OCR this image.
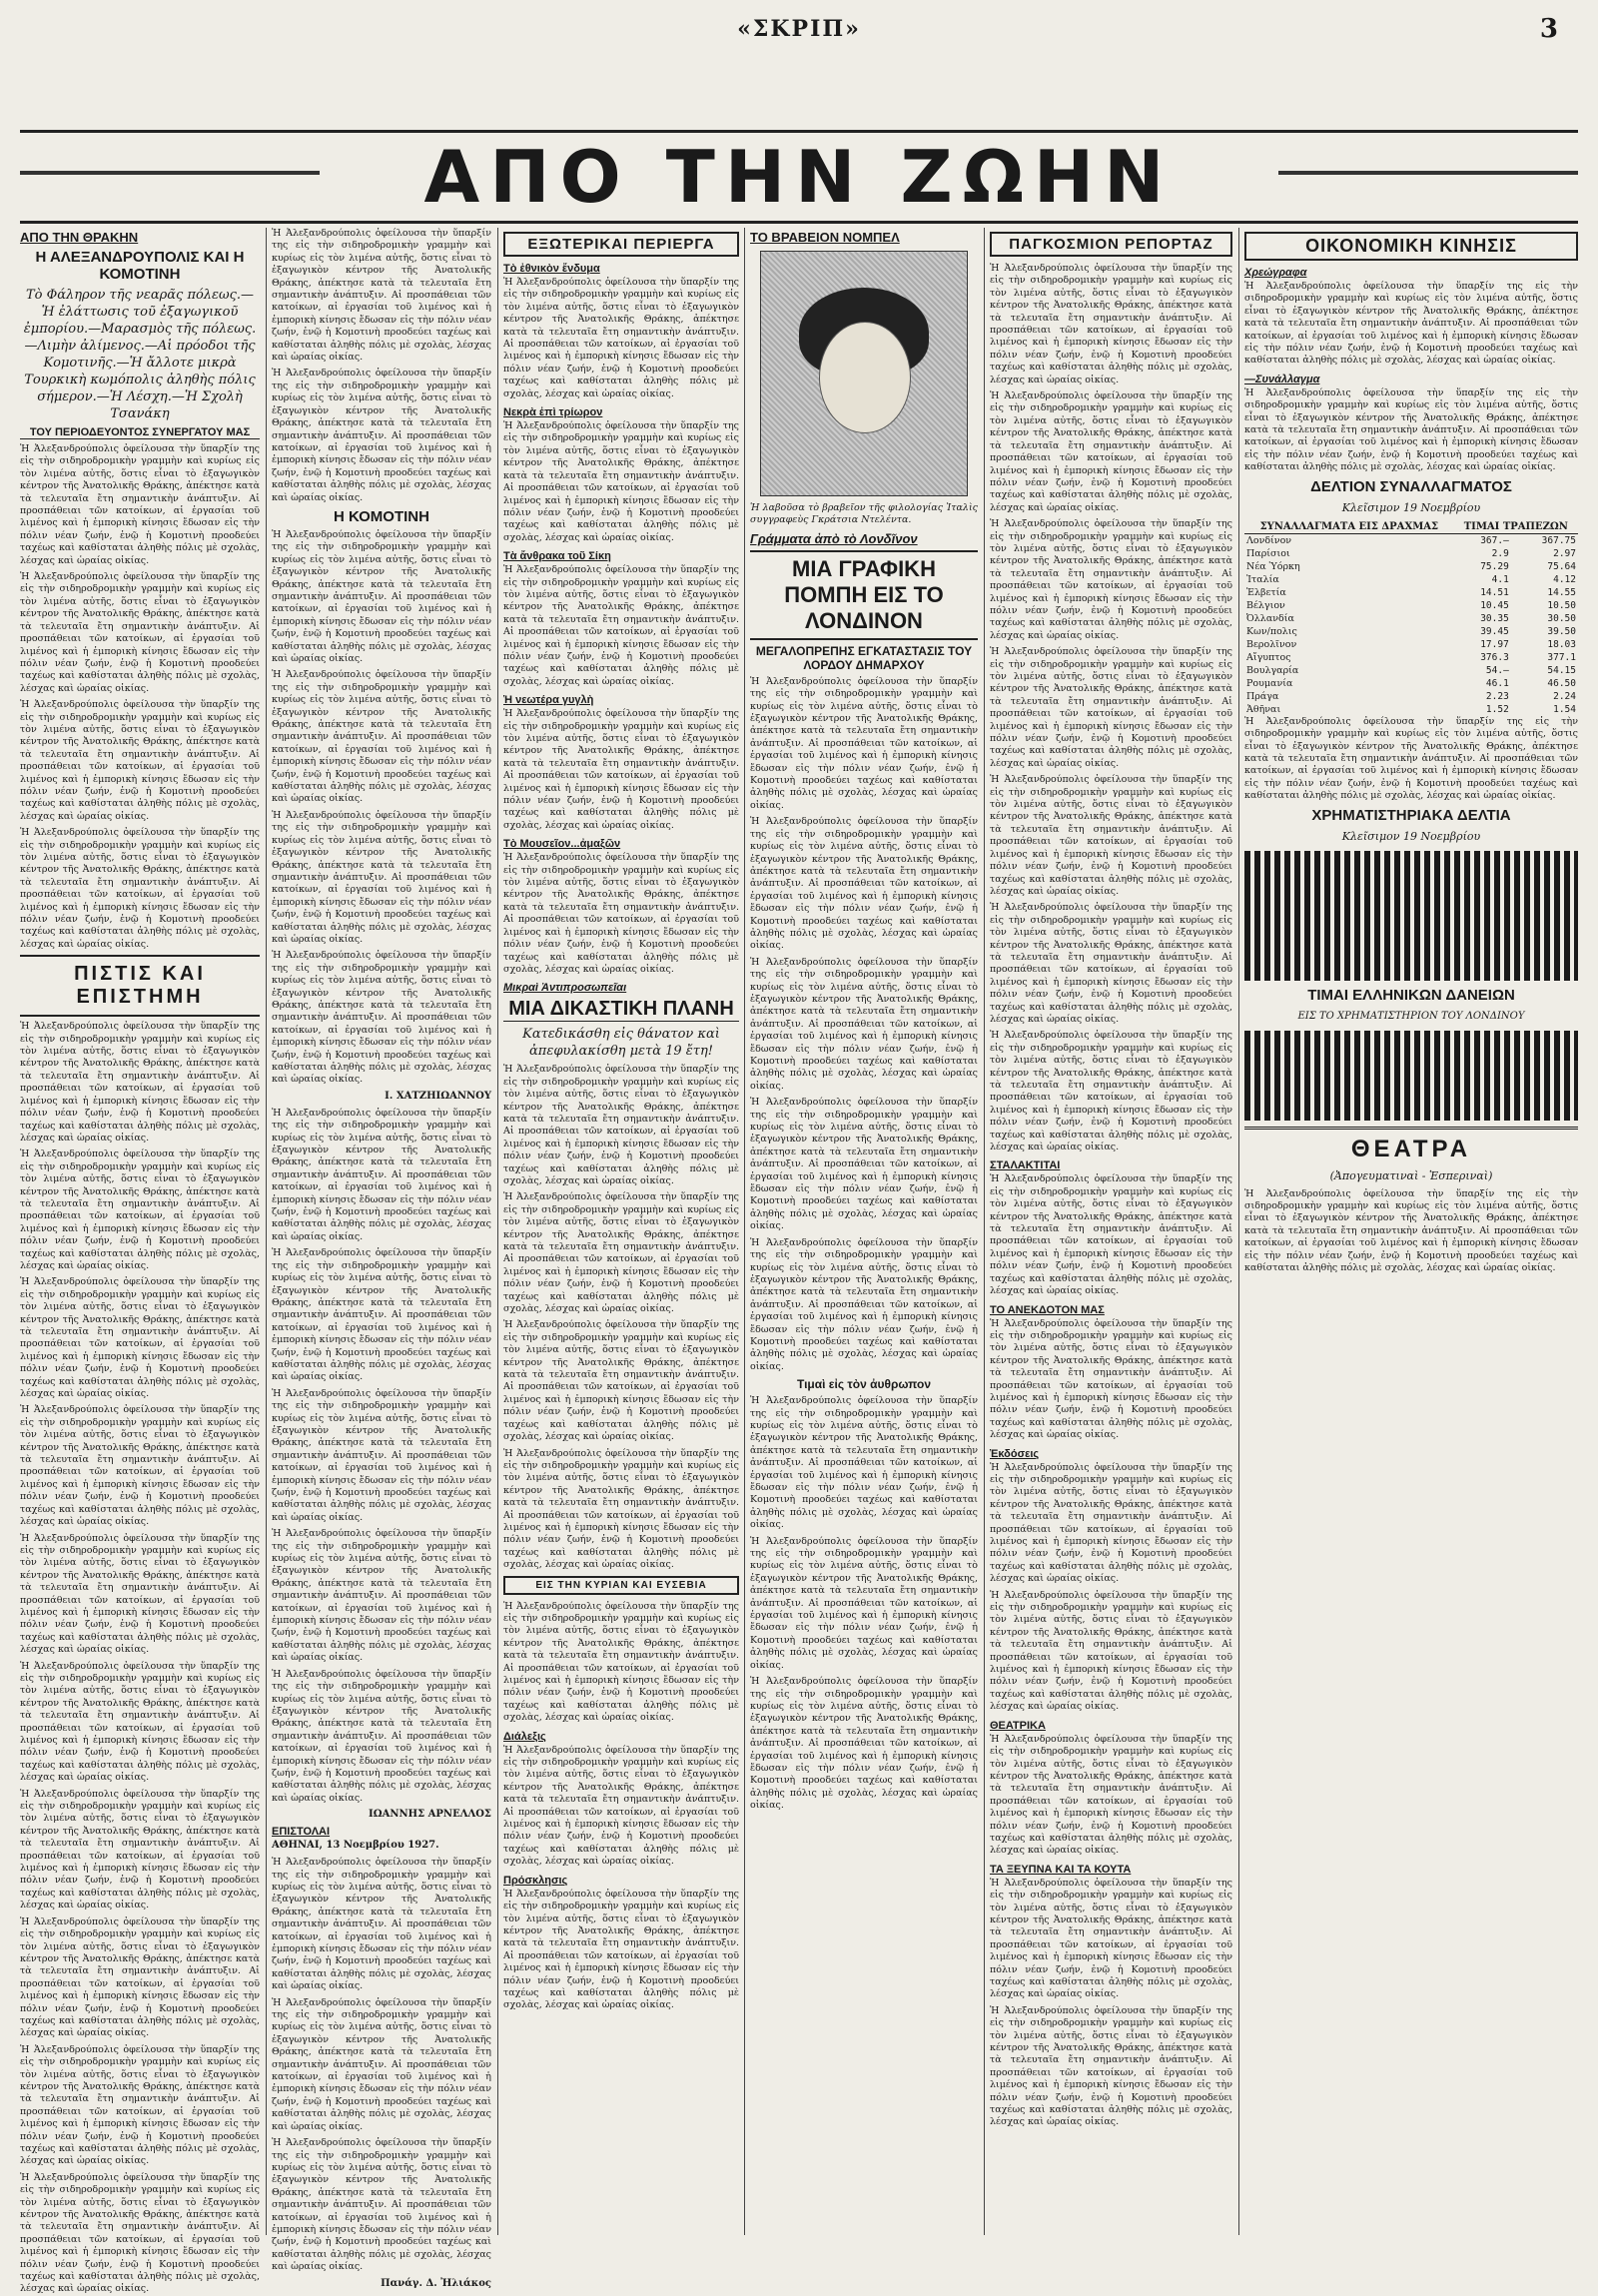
«ΣΚΡΙΠ»	3
ΑΠΟ ΤΗΝ ΖΩΗΝ
ΑΠΟ ΤΗΝ ΘΡΑΚΗΝ
Η ΑΛΕΞΑΝΔΡΟΥΠΟΛΙΣ ΚΑΙ Η ΚΟΜΟΤΙΝΗ
Τὸ Φάληρον τῆς νεαρᾶς πόλεως.—Ἡ ἐλάττωσις τοῦ ἐξαγωγικοῦ ἐμπορίου.—Μαρασμὸς τῆς πόλεως.—Λιμὴν ἀλίμενος.—Αἱ πρόοδοι τῆς Κομοτινῆς.—Ἡ ἄλλοτε μικρὰ Τουρκικὴ κωμόπολις ἀληθὴς πόλις σήμερον.—Ἡ Λέσχη.—Ἡ Σχολὴ Τσανάκη
ΤΟΥ ΠΕΡΙΟΔΕΥΟΝΤΟΣ ΣΥΝΕΡΓΑΤΟΥ ΜΑΣ

Ἡ Ἀλεξανδρούπολις ὀφείλουσα τὴν ὕπαρξίν της εἰς τὴν σιδηροδρομικὴν γραμμὴν καὶ κυρίως εἰς τὸν λιμένα αὐτῆς, ὅστις εἶναι τὸ ἐξαγωγικὸν κέντρον τῆς Ἀνατολικῆς Θράκης, ἀπέκτησε κατὰ τὰ τελευταῖα ἔτη σημαντικὴν ἀνάπτυξιν. Αἱ προσπάθειαι τῶν κατοίκων, αἱ ἐργασίαι τοῦ λιμένος καὶ ἡ ἐμπορικὴ κίνησις ἔδωσαν εἰς τὴν πόλιν νέαν ζωήν, ἐνῷ ἡ Κομοτινὴ προοδεύει ταχέως καὶ καθίσταται ἀληθὴς πόλις μὲ σχολὰς, λέσχας καὶ ὡραίας οἰκίας.

Ἡ Ἀλεξανδρούπολις ὀφείλουσα τὴν ὕπαρξίν της εἰς τὴν σιδηροδρομικὴν γραμμὴν καὶ κυρίως εἰς τὸν λιμένα αὐτῆς, ὅστις εἶναι τὸ ἐξαγωγικὸν κέντρον τῆς Ἀνατολικῆς Θράκης, ἀπέκτησε κατὰ τὰ τελευταῖα ἔτη σημαντικὴν ἀνάπτυξιν. Αἱ προσπάθειαι τῶν κατοίκων, αἱ ἐργασίαι τοῦ λιμένος καὶ ἡ ἐμπορικὴ κίνησις ἔδωσαν εἰς τὴν πόλιν νέαν ζωήν, ἐνῷ ἡ Κομοτινὴ προοδεύει ταχέως καὶ καθίσταται ἀληθὴς πόλις μὲ σχολὰς, λέσχας καὶ ὡραίας οἰκίας.

Ἡ Ἀλεξανδρούπολις ὀφείλουσα τὴν ὕπαρξίν της εἰς τὴν σιδηροδρομικὴν γραμμὴν καὶ κυρίως εἰς τὸν λιμένα αὐτῆς, ὅστις εἶναι τὸ ἐξαγωγικὸν κέντρον τῆς Ἀνατολικῆς Θράκης, ἀπέκτησε κατὰ τὰ τελευταῖα ἔτη σημαντικὴν ἀνάπτυξιν. Αἱ προσπάθειαι τῶν κατοίκων, αἱ ἐργασίαι τοῦ λιμένος καὶ ἡ ἐμπορικὴ κίνησις ἔδωσαν εἰς τὴν πόλιν νέαν ζωήν, ἐνῷ ἡ Κομοτινὴ προοδεύει ταχέως καὶ καθίσταται ἀληθὴς πόλις μὲ σχολὰς, λέσχας καὶ ὡραίας οἰκίας.

Ἡ Ἀλεξανδρούπολις ὀφείλουσα τὴν ὕπαρξίν της εἰς τὴν σιδηροδρομικὴν γραμμὴν καὶ κυρίως εἰς τὸν λιμένα αὐτῆς, ὅστις εἶναι τὸ ἐξαγωγικὸν κέντρον τῆς Ἀνατολικῆς Θράκης, ἀπέκτησε κατὰ τὰ τελευταῖα ἔτη σημαντικὴν ἀνάπτυξιν. Αἱ προσπάθειαι τῶν κατοίκων, αἱ ἐργασίαι τοῦ λιμένος καὶ ἡ ἐμπορικὴ κίνησις ἔδωσαν εἰς τὴν πόλιν νέαν ζωήν, ἐνῷ ἡ Κομοτινὴ προοδεύει ταχέως καὶ καθίσταται ἀληθὴς πόλις μὲ σχολὰς, λέσχας καὶ ὡραίας οἰκίας.

ΠΙΣΤΙΣ ΚΑΙ ΕΠΙΣΤΗΜΗ

Ἡ Ἀλεξανδρούπολις ὀφείλουσα τὴν ὕπαρξίν της εἰς τὴν σιδηροδρομικὴν γραμμὴν καὶ κυρίως εἰς τὸν λιμένα αὐτῆς, ὅστις εἶναι τὸ ἐξαγωγικὸν κέντρον τῆς Ἀνατολικῆς Θράκης, ἀπέκτησε κατὰ τὰ τελευταῖα ἔτη σημαντικὴν ἀνάπτυξιν. Αἱ προσπάθειαι τῶν κατοίκων, αἱ ἐργασίαι τοῦ λιμένος καὶ ἡ ἐμπορικὴ κίνησις ἔδωσαν εἰς τὴν πόλιν νέαν ζωήν, ἐνῷ ἡ Κομοτινὴ προοδεύει ταχέως καὶ καθίσταται ἀληθὴς πόλις μὲ σχολὰς, λέσχας καὶ ὡραίας οἰκίας.

Ἡ Ἀλεξανδρούπολις ὀφείλουσα τὴν ὕπαρξίν της εἰς τὴν σιδηροδρομικὴν γραμμὴν καὶ κυρίως εἰς τὸν λιμένα αὐτῆς, ὅστις εἶναι τὸ ἐξαγωγικὸν κέντρον τῆς Ἀνατολικῆς Θράκης, ἀπέκτησε κατὰ τὰ τελευταῖα ἔτη σημαντικὴν ἀνάπτυξιν. Αἱ προσπάθειαι τῶν κατοίκων, αἱ ἐργασίαι τοῦ λιμένος καὶ ἡ ἐμπορικὴ κίνησις ἔδωσαν εἰς τὴν πόλιν νέαν ζωήν, ἐνῷ ἡ Κομοτινὴ προοδεύει ταχέως καὶ καθίσταται ἀληθὴς πόλις μὲ σχολὰς, λέσχας καὶ ὡραίας οἰκίας.

Ἡ Ἀλεξανδρούπολις ὀφείλουσα τὴν ὕπαρξίν της εἰς τὴν σιδηροδρομικὴν γραμμὴν καὶ κυρίως εἰς τὸν λιμένα αὐτῆς, ὅστις εἶναι τὸ ἐξαγωγικὸν κέντρον τῆς Ἀνατολικῆς Θράκης, ἀπέκτησε κατὰ τὰ τελευταῖα ἔτη σημαντικὴν ἀνάπτυξιν. Αἱ προσπάθειαι τῶν κατοίκων, αἱ ἐργασίαι τοῦ λιμένος καὶ ἡ ἐμπορικὴ κίνησις ἔδωσαν εἰς τὴν πόλιν νέαν ζωήν, ἐνῷ ἡ Κομοτινὴ προοδεύει ταχέως καὶ καθίσταται ἀληθὴς πόλις μὲ σχολὰς, λέσχας καὶ ὡραίας οἰκίας.

Ἡ Ἀλεξανδρούπολις ὀφείλουσα τὴν ὕπαρξίν της εἰς τὴν σιδηροδρομικὴν γραμμὴν καὶ κυρίως εἰς τὸν λιμένα αὐτῆς, ὅστις εἶναι τὸ ἐξαγωγικὸν κέντρον τῆς Ἀνατολικῆς Θράκης, ἀπέκτησε κατὰ τὰ τελευταῖα ἔτη σημαντικὴν ἀνάπτυξιν. Αἱ προσπάθειαι τῶν κατοίκων, αἱ ἐργασίαι τοῦ λιμένος καὶ ἡ ἐμπορικὴ κίνησις ἔδωσαν εἰς τὴν πόλιν νέαν ζωήν, ἐνῷ ἡ Κομοτινὴ προοδεύει ταχέως καὶ καθίσταται ἀληθὴς πόλις μὲ σχολὰς, λέσχας καὶ ὡραίας οἰκίας.

Ἡ Ἀλεξανδρούπολις ὀφείλουσα τὴν ὕπαρξίν της εἰς τὴν σιδηροδρομικὴν γραμμὴν καὶ κυρίως εἰς τὸν λιμένα αὐτῆς, ὅστις εἶναι τὸ ἐξαγωγικὸν κέντρον τῆς Ἀνατολικῆς Θράκης, ἀπέκτησε κατὰ τὰ τελευταῖα ἔτη σημαντικὴν ἀνάπτυξιν. Αἱ προσπάθειαι τῶν κατοίκων, αἱ ἐργασίαι τοῦ λιμένος καὶ ἡ ἐμπορικὴ κίνησις ἔδωσαν εἰς τὴν πόλιν νέαν ζωήν, ἐνῷ ἡ Κομοτινὴ προοδεύει ταχέως καὶ καθίσταται ἀληθὴς πόλις μὲ σχολὰς, λέσχας καὶ ὡραίας οἰκίας.

Ἡ Ἀλεξανδρούπολις ὀφείλουσα τὴν ὕπαρξίν της εἰς τὴν σιδηροδρομικὴν γραμμὴν καὶ κυρίως εἰς τὸν λιμένα αὐτῆς, ὅστις εἶναι τὸ ἐξαγωγικὸν κέντρον τῆς Ἀνατολικῆς Θράκης, ἀπέκτησε κατὰ τὰ τελευταῖα ἔτη σημαντικὴν ἀνάπτυξιν. Αἱ προσπάθειαι τῶν κατοίκων, αἱ ἐργασίαι τοῦ λιμένος καὶ ἡ ἐμπορικὴ κίνησις ἔδωσαν εἰς τὴν πόλιν νέαν ζωήν, ἐνῷ ἡ Κομοτινὴ προοδεύει ταχέως καὶ καθίσταται ἀληθὴς πόλις μὲ σχολὰς, λέσχας καὶ ὡραίας οἰκίας.

Ἡ Ἀλεξανδρούπολις ὀφείλουσα τὴν ὕπαρξίν της εἰς τὴν σιδηροδρομικὴν γραμμὴν καὶ κυρίως εἰς τὸν λιμένα αὐτῆς, ὅστις εἶναι τὸ ἐξαγωγικὸν κέντρον τῆς Ἀνατολικῆς Θράκης, ἀπέκτησε κατὰ τὰ τελευταῖα ἔτη σημαντικὴν ἀνάπτυξιν. Αἱ προσπάθειαι τῶν κατοίκων, αἱ ἐργασίαι τοῦ λιμένος καὶ ἡ ἐμπορικὴ κίνησις ἔδωσαν εἰς τὴν πόλιν νέαν ζωήν, ἐνῷ ἡ Κομοτινὴ προοδεύει ταχέως καὶ καθίσταται ἀληθὴς πόλις μὲ σχολὰς, λέσχας καὶ ὡραίας οἰκίας.

Ἡ Ἀλεξανδρούπολις ὀφείλουσα τὴν ὕπαρξίν της εἰς τὴν σιδηροδρομικὴν γραμμὴν καὶ κυρίως εἰς τὸν λιμένα αὐτῆς, ὅστις εἶναι τὸ ἐξαγωγικὸν κέντρον τῆς Ἀνατολικῆς Θράκης, ἀπέκτησε κατὰ τὰ τελευταῖα ἔτη σημαντικὴν ἀνάπτυξιν. Αἱ προσπάθειαι τῶν κατοίκων, αἱ ἐργασίαι τοῦ λιμένος καὶ ἡ ἐμπορικὴ κίνησις ἔδωσαν εἰς τὴν πόλιν νέαν ζωήν, ἐνῷ ἡ Κομοτινὴ προοδεύει ταχέως καὶ καθίσταται ἀληθὴς πόλις μὲ σχολὰς, λέσχας καὶ ὡραίας οἰκίας.

Ἡ Ἀλεξανδρούπολις ὀφείλουσα τὴν ὕπαρξίν της εἰς τὴν σιδηροδρομικὴν γραμμὴν καὶ κυρίως εἰς τὸν λιμένα αὐτῆς, ὅστις εἶναι τὸ ἐξαγωγικὸν κέντρον τῆς Ἀνατολικῆς Θράκης, ἀπέκτησε κατὰ τὰ τελευταῖα ἔτη σημαντικὴν ἀνάπτυξιν. Αἱ προσπάθειαι τῶν κατοίκων, αἱ ἐργασίαι τοῦ λιμένος καὶ ἡ ἐμπορικὴ κίνησις ἔδωσαν εἰς τὴν πόλιν νέαν ζωήν, ἐνῷ ἡ Κομοτινὴ προοδεύει ταχέως καὶ καθίσταται ἀληθὴς πόλις μὲ σχολὰς, λέσχας καὶ ὡραίας οἰκίας.

Ἡ Ἀλεξανδρούπολις ὀφείλουσα τὴν ὕπαρξίν της εἰς τὴν σιδηροδρομικὴν γραμμὴν καὶ κυρίως εἰς τὸν λιμένα αὐτῆς, ὅστις εἶναι τὸ ἐξαγωγικὸν κέντρον τῆς Ἀνατολικῆς Θράκης, ἀπέκτησε κατὰ τὰ τελευταῖα ἔτη σημαντικὴν ἀνάπτυξιν. Αἱ προσπάθειαι τῶν κατοίκων, αἱ ἐργασίαι τοῦ λιμένος καὶ ἡ ἐμπορικὴ κίνησις ἔδωσαν εἰς τὴν πόλιν νέαν ζωήν, ἐνῷ ἡ Κομοτινὴ προοδεύει ταχέως καὶ καθίσταται ἀληθὴς πόλις μὲ σχολὰς, λέσχας καὶ ὡραίας οἰκίας.

Ἡ Ἀλεξανδρούπολις ὀφείλουσα τὴν ὕπαρξίν της εἰς τὴν σιδηροδρομικὴν γραμμὴν καὶ κυρίως εἰς τὸν λιμένα αὐτῆς, ὅστις εἶναι τὸ ἐξαγωγικὸν κέντρον τῆς Ἀνατολικῆς Θράκης, ἀπέκτησε κατὰ τὰ τελευταῖα ἔτη σημαντικὴν ἀνάπτυξιν. Αἱ προσπάθειαι τῶν κατοίκων, αἱ ἐργασίαι τοῦ λιμένος καὶ ἡ ἐμπορικὴ κίνησις ἔδωσαν εἰς τὴν πόλιν νέαν ζωήν, ἐνῷ ἡ Κομοτινὴ προοδεύει ταχέως καὶ καθίσταται ἀληθὴς πόλις μὲ σχολὰς, λέσχας καὶ ὡραίας οἰκίας.

Ἡ Ἀλεξανδρούπολις ὀφείλουσα τὴν ὕπαρξίν της εἰς τὴν σιδηροδρομικὴν γραμμὴν καὶ κυρίως εἰς τὸν λιμένα αὐτῆς, ὅστις εἶναι τὸ ἐξαγωγικὸν κέντρον τῆς Ἀνατολικῆς Θράκης, ἀπέκτησε κατὰ τὰ τελευταῖα ἔτη σημαντικὴν ἀνάπτυξιν. Αἱ προσπάθειαι τῶν κατοίκων, αἱ ἐργασίαι τοῦ λιμένος καὶ ἡ ἐμπορικὴ κίνησις ἔδωσαν εἰς τὴν πόλιν νέαν ζωήν, ἐνῷ ἡ Κομοτινὴ προοδεύει ταχέως καὶ καθίσταται ἀληθὴς πόλις μὲ σχολὰς, λέσχας καὶ ὡραίας οἰκίας.

Η ΚΟΜΟΤΙΝΗ

Ἡ Ἀλεξανδρούπολις ὀφείλουσα τὴν ὕπαρξίν της εἰς τὴν σιδηροδρομικὴν γραμμὴν καὶ κυρίως εἰς τὸν λιμένα αὐτῆς, ὅστις εἶναι τὸ ἐξαγωγικὸν κέντρον τῆς Ἀνατολικῆς Θράκης, ἀπέκτησε κατὰ τὰ τελευταῖα ἔτη σημαντικὴν ἀνάπτυξιν. Αἱ προσπάθειαι τῶν κατοίκων, αἱ ἐργασίαι τοῦ λιμένος καὶ ἡ ἐμπορικὴ κίνησις ἔδωσαν εἰς τὴν πόλιν νέαν ζωήν, ἐνῷ ἡ Κομοτινὴ προοδεύει ταχέως καὶ καθίσταται ἀληθὴς πόλις μὲ σχολὰς, λέσχας καὶ ὡραίας οἰκίας.

Ἡ Ἀλεξανδρούπολις ὀφείλουσα τὴν ὕπαρξίν της εἰς τὴν σιδηροδρομικὴν γραμμὴν καὶ κυρίως εἰς τὸν λιμένα αὐτῆς, ὅστις εἶναι τὸ ἐξαγωγικὸν κέντρον τῆς Ἀνατολικῆς Θράκης, ἀπέκτησε κατὰ τὰ τελευταῖα ἔτη σημαντικὴν ἀνάπτυξιν. Αἱ προσπάθειαι τῶν κατοίκων, αἱ ἐργασίαι τοῦ λιμένος καὶ ἡ ἐμπορικὴ κίνησις ἔδωσαν εἰς τὴν πόλιν νέαν ζωήν, ἐνῷ ἡ Κομοτινὴ προοδεύει ταχέως καὶ καθίσταται ἀληθὴς πόλις μὲ σχολὰς, λέσχας καὶ ὡραίας οἰκίας.

Ἡ Ἀλεξανδρούπολις ὀφείλουσα τὴν ὕπαρξίν της εἰς τὴν σιδηροδρομικὴν γραμμὴν καὶ κυρίως εἰς τὸν λιμένα αὐτῆς, ὅστις εἶναι τὸ ἐξαγωγικὸν κέντρον τῆς Ἀνατολικῆς Θράκης, ἀπέκτησε κατὰ τὰ τελευταῖα ἔτη σημαντικὴν ἀνάπτυξιν. Αἱ προσπάθειαι τῶν κατοίκων, αἱ ἐργασίαι τοῦ λιμένος καὶ ἡ ἐμπορικὴ κίνησις ἔδωσαν εἰς τὴν πόλιν νέαν ζωήν, ἐνῷ ἡ Κομοτινὴ προοδεύει ταχέως καὶ καθίσταται ἀληθὴς πόλις μὲ σχολὰς, λέσχας καὶ ὡραίας οἰκίας.

Ἡ Ἀλεξανδρούπολις ὀφείλουσα τὴν ὕπαρξίν της εἰς τὴν σιδηροδρομικὴν γραμμὴν καὶ κυρίως εἰς τὸν λιμένα αὐτῆς, ὅστις εἶναι τὸ ἐξαγωγικὸν κέντρον τῆς Ἀνατολικῆς Θράκης, ἀπέκτησε κατὰ τὰ τελευταῖα ἔτη σημαντικὴν ἀνάπτυξιν. Αἱ προσπάθειαι τῶν κατοίκων, αἱ ἐργασίαι τοῦ λιμένος καὶ ἡ ἐμπορικὴ κίνησις ἔδωσαν εἰς τὴν πόλιν νέαν ζωήν, ἐνῷ ἡ Κομοτινὴ προοδεύει ταχέως καὶ καθίσταται ἀληθὴς πόλις μὲ σχολὰς, λέσχας καὶ ὡραίας οἰκίας.

Ι. ΧΑΤΖΗΙΩΑΝΝΟΥ

Ἡ Ἀλεξανδρούπολις ὀφείλουσα τὴν ὕπαρξίν της εἰς τὴν σιδηροδρομικὴν γραμμὴν καὶ κυρίως εἰς τὸν λιμένα αὐτῆς, ὅστις εἶναι τὸ ἐξαγωγικὸν κέντρον τῆς Ἀνατολικῆς Θράκης, ἀπέκτησε κατὰ τὰ τελευταῖα ἔτη σημαντικὴν ἀνάπτυξιν. Αἱ προσπάθειαι τῶν κατοίκων, αἱ ἐργασίαι τοῦ λιμένος καὶ ἡ ἐμπορικὴ κίνησις ἔδωσαν εἰς τὴν πόλιν νέαν ζωήν, ἐνῷ ἡ Κομοτινὴ προοδεύει ταχέως καὶ καθίσταται ἀληθὴς πόλις μὲ σχολὰς, λέσχας καὶ ὡραίας οἰκίας.

Ἡ Ἀλεξανδρούπολις ὀφείλουσα τὴν ὕπαρξίν της εἰς τὴν σιδηροδρομικὴν γραμμὴν καὶ κυρίως εἰς τὸν λιμένα αὐτῆς, ὅστις εἶναι τὸ ἐξαγωγικὸν κέντρον τῆς Ἀνατολικῆς Θράκης, ἀπέκτησε κατὰ τὰ τελευταῖα ἔτη σημαντικὴν ἀνάπτυξιν. Αἱ προσπάθειαι τῶν κατοίκων, αἱ ἐργασίαι τοῦ λιμένος καὶ ἡ ἐμπορικὴ κίνησις ἔδωσαν εἰς τὴν πόλιν νέαν ζωήν, ἐνῷ ἡ Κομοτινὴ προοδεύει ταχέως καὶ καθίσταται ἀληθὴς πόλις μὲ σχολὰς, λέσχας καὶ ὡραίας οἰκίας.

Ἡ Ἀλεξανδρούπολις ὀφείλουσα τὴν ὕπαρξίν της εἰς τὴν σιδηροδρομικὴν γραμμὴν καὶ κυρίως εἰς τὸν λιμένα αὐτῆς, ὅστις εἶναι τὸ ἐξαγωγικὸν κέντρον τῆς Ἀνατολικῆς Θράκης, ἀπέκτησε κατὰ τὰ τελευταῖα ἔτη σημαντικὴν ἀνάπτυξιν. Αἱ προσπάθειαι τῶν κατοίκων, αἱ ἐργασίαι τοῦ λιμένος καὶ ἡ ἐμπορικὴ κίνησις ἔδωσαν εἰς τὴν πόλιν νέαν ζωήν, ἐνῷ ἡ Κομοτινὴ προοδεύει ταχέως καὶ καθίσταται ἀληθὴς πόλις μὲ σχολὰς, λέσχας καὶ ὡραίας οἰκίας.

Ἡ Ἀλεξανδρούπολις ὀφείλουσα τὴν ὕπαρξίν της εἰς τὴν σιδηροδρομικὴν γραμμὴν καὶ κυρίως εἰς τὸν λιμένα αὐτῆς, ὅστις εἶναι τὸ ἐξαγωγικὸν κέντρον τῆς Ἀνατολικῆς Θράκης, ἀπέκτησε κατὰ τὰ τελευταῖα ἔτη σημαντικὴν ἀνάπτυξιν. Αἱ προσπάθειαι τῶν κατοίκων, αἱ ἐργασίαι τοῦ λιμένος καὶ ἡ ἐμπορικὴ κίνησις ἔδωσαν εἰς τὴν πόλιν νέαν ζωήν, ἐνῷ ἡ Κομοτινὴ προοδεύει ταχέως καὶ καθίσταται ἀληθὴς πόλις μὲ σχολὰς, λέσχας καὶ ὡραίας οἰκίας.

Ἡ Ἀλεξανδρούπολις ὀφείλουσα τὴν ὕπαρξίν της εἰς τὴν σιδηροδρομικὴν γραμμὴν καὶ κυρίως εἰς τὸν λιμένα αὐτῆς, ὅστις εἶναι τὸ ἐξαγωγικὸν κέντρον τῆς Ἀνατολικῆς Θράκης, ἀπέκτησε κατὰ τὰ τελευταῖα ἔτη σημαντικὴν ἀνάπτυξιν. Αἱ προσπάθειαι τῶν κατοίκων, αἱ ἐργασίαι τοῦ λιμένος καὶ ἡ ἐμπορικὴ κίνησις ἔδωσαν εἰς τὴν πόλιν νέαν ζωήν, ἐνῷ ἡ Κομοτινὴ προοδεύει ταχέως καὶ καθίσταται ἀληθὴς πόλις μὲ σχολὰς, λέσχας καὶ ὡραίας οἰκίας.

ΙΩΑΝΝΗΣ ΑΡΝΕΛΛΟΣ
ΕΠΙΣΤΟΛΑΙ
ΑΘΗΝΑΙ, 13 Νοεμβρίου 1927.

Ἡ Ἀλεξανδρούπολις ὀφείλουσα τὴν ὕπαρξίν της εἰς τὴν σιδηροδρομικὴν γραμμὴν καὶ κυρίως εἰς τὸν λιμένα αὐτῆς, ὅστις εἶναι τὸ ἐξαγωγικὸν κέντρον τῆς Ἀνατολικῆς Θράκης, ἀπέκτησε κατὰ τὰ τελευταῖα ἔτη σημαντικὴν ἀνάπτυξιν. Αἱ προσπάθειαι τῶν κατοίκων, αἱ ἐργασίαι τοῦ λιμένος καὶ ἡ ἐμπορικὴ κίνησις ἔδωσαν εἰς τὴν πόλιν νέαν ζωήν, ἐνῷ ἡ Κομοτινὴ προοδεύει ταχέως καὶ καθίσταται ἀληθὴς πόλις μὲ σχολὰς, λέσχας καὶ ὡραίας οἰκίας.

Ἡ Ἀλεξανδρούπολις ὀφείλουσα τὴν ὕπαρξίν της εἰς τὴν σιδηροδρομικὴν γραμμὴν καὶ κυρίως εἰς τὸν λιμένα αὐτῆς, ὅστις εἶναι τὸ ἐξαγωγικὸν κέντρον τῆς Ἀνατολικῆς Θράκης, ἀπέκτησε κατὰ τὰ τελευταῖα ἔτη σημαντικὴν ἀνάπτυξιν. Αἱ προσπάθειαι τῶν κατοίκων, αἱ ἐργασίαι τοῦ λιμένος καὶ ἡ ἐμπορικὴ κίνησις ἔδωσαν εἰς τὴν πόλιν νέαν ζωήν, ἐνῷ ἡ Κομοτινὴ προοδεύει ταχέως καὶ καθίσταται ἀληθὴς πόλις μὲ σχολὰς, λέσχας καὶ ὡραίας οἰκίας.

Ἡ Ἀλεξανδρούπολις ὀφείλουσα τὴν ὕπαρξίν της εἰς τὴν σιδηροδρομικὴν γραμμὴν καὶ κυρίως εἰς τὸν λιμένα αὐτῆς, ὅστις εἶναι τὸ ἐξαγωγικὸν κέντρον τῆς Ἀνατολικῆς Θράκης, ἀπέκτησε κατὰ τὰ τελευταῖα ἔτη σημαντικὴν ἀνάπτυξιν. Αἱ προσπάθειαι τῶν κατοίκων, αἱ ἐργασίαι τοῦ λιμένος καὶ ἡ ἐμπορικὴ κίνησις ἔδωσαν εἰς τὴν πόλιν νέαν ζωήν, ἐνῷ ἡ Κομοτινὴ προοδεύει ταχέως καὶ καθίσταται ἀληθὴς πόλις μὲ σχολὰς, λέσχας καὶ ὡραίας οἰκίας.

Πανάγ. Δ. Ἠλιάκος
ΕΞΩΤΕΡΙΚΑΙ ΠΕΡΙΕΡΓΑ
Τὸ ἐθνικὸν ἔνδυμα

Ἡ Ἀλεξανδρούπολις ὀφείλουσα τὴν ὕπαρξίν της εἰς τὴν σιδηροδρομικὴν γραμμὴν καὶ κυρίως εἰς τὸν λιμένα αὐτῆς, ὅστις εἶναι τὸ ἐξαγωγικὸν κέντρον τῆς Ἀνατολικῆς Θράκης, ἀπέκτησε κατὰ τὰ τελευταῖα ἔτη σημαντικὴν ἀνάπτυξιν. Αἱ προσπάθειαι τῶν κατοίκων, αἱ ἐργασίαι τοῦ λιμένος καὶ ἡ ἐμπορικὴ κίνησις ἔδωσαν εἰς τὴν πόλιν νέαν ζωήν, ἐνῷ ἡ Κομοτινὴ προοδεύει ταχέως καὶ καθίσταται ἀληθὴς πόλις μὲ σχολὰς, λέσχας καὶ ὡραίας οἰκίας.

Νεκρὰ ἐπὶ τρίωρον

Ἡ Ἀλεξανδρούπολις ὀφείλουσα τὴν ὕπαρξίν της εἰς τὴν σιδηροδρομικὴν γραμμὴν καὶ κυρίως εἰς τὸν λιμένα αὐτῆς, ὅστις εἶναι τὸ ἐξαγωγικὸν κέντρον τῆς Ἀνατολικῆς Θράκης, ἀπέκτησε κατὰ τὰ τελευταῖα ἔτη σημαντικὴν ἀνάπτυξιν. Αἱ προσπάθειαι τῶν κατοίκων, αἱ ἐργασίαι τοῦ λιμένος καὶ ἡ ἐμπορικὴ κίνησις ἔδωσαν εἰς τὴν πόλιν νέαν ζωήν, ἐνῷ ἡ Κομοτινὴ προοδεύει ταχέως καὶ καθίσταται ἀληθὴς πόλις μὲ σχολὰς, λέσχας καὶ ὡραίας οἰκίας.

Τὰ ἄνθρακα τοῦ Σίκη

Ἡ Ἀλεξανδρούπολις ὀφείλουσα τὴν ὕπαρξίν της εἰς τὴν σιδηροδρομικὴν γραμμὴν καὶ κυρίως εἰς τὸν λιμένα αὐτῆς, ὅστις εἶναι τὸ ἐξαγωγικὸν κέντρον τῆς Ἀνατολικῆς Θράκης, ἀπέκτησε κατὰ τὰ τελευταῖα ἔτη σημαντικὴν ἀνάπτυξιν. Αἱ προσπάθειαι τῶν κατοίκων, αἱ ἐργασίαι τοῦ λιμένος καὶ ἡ ἐμπορικὴ κίνησις ἔδωσαν εἰς τὴν πόλιν νέαν ζωήν, ἐνῷ ἡ Κομοτινὴ προοδεύει ταχέως καὶ καθίσταται ἀληθὴς πόλις μὲ σχολὰς, λέσχας καὶ ὡραίας οἰκίας.

Ἡ νεωτέρα γυγλὴ

Ἡ Ἀλεξανδρούπολις ὀφείλουσα τὴν ὕπαρξίν της εἰς τὴν σιδηροδρομικὴν γραμμὴν καὶ κυρίως εἰς τὸν λιμένα αὐτῆς, ὅστις εἶναι τὸ ἐξαγωγικὸν κέντρον τῆς Ἀνατολικῆς Θράκης, ἀπέκτησε κατὰ τὰ τελευταῖα ἔτη σημαντικὴν ἀνάπτυξιν. Αἱ προσπάθειαι τῶν κατοίκων, αἱ ἐργασίαι τοῦ λιμένος καὶ ἡ ἐμπορικὴ κίνησις ἔδωσαν εἰς τὴν πόλιν νέαν ζωήν, ἐνῷ ἡ Κομοτινὴ προοδεύει ταχέως καὶ καθίσταται ἀληθὴς πόλις μὲ σχολὰς, λέσχας καὶ ὡραίας οἰκίας.

Τὸ Μουσεῖον...ἀμαξῶν

Ἡ Ἀλεξανδρούπολις ὀφείλουσα τὴν ὕπαρξίν της εἰς τὴν σιδηροδρομικὴν γραμμὴν καὶ κυρίως εἰς τὸν λιμένα αὐτῆς, ὅστις εἶναι τὸ ἐξαγωγικὸν κέντρον τῆς Ἀνατολικῆς Θράκης, ἀπέκτησε κατὰ τὰ τελευταῖα ἔτη σημαντικὴν ἀνάπτυξιν. Αἱ προσπάθειαι τῶν κατοίκων, αἱ ἐργασίαι τοῦ λιμένος καὶ ἡ ἐμπορικὴ κίνησις ἔδωσαν εἰς τὴν πόλιν νέαν ζωήν, ἐνῷ ἡ Κομοτινὴ προοδεύει ταχέως καὶ καθίσταται ἀληθὴς πόλις μὲ σχολὰς, λέσχας καὶ ὡραίας οἰκίας.

Μικραὶ Ἀντιπροσωπεῖαι
ΜΙΑ ΔΙΚΑΣΤΙΚΗ ΠΛΑΝΗ
Κατεδικάσθη εἰς θάνατον καὶ ἀπεφυλακίσθη μετὰ 19 ἔτη!

Ἡ Ἀλεξανδρούπολις ὀφείλουσα τὴν ὕπαρξίν της εἰς τὴν σιδηροδρομικὴν γραμμὴν καὶ κυρίως εἰς τὸν λιμένα αὐτῆς, ὅστις εἶναι τὸ ἐξαγωγικὸν κέντρον τῆς Ἀνατολικῆς Θράκης, ἀπέκτησε κατὰ τὰ τελευταῖα ἔτη σημαντικὴν ἀνάπτυξιν. Αἱ προσπάθειαι τῶν κατοίκων, αἱ ἐργασίαι τοῦ λιμένος καὶ ἡ ἐμπορικὴ κίνησις ἔδωσαν εἰς τὴν πόλιν νέαν ζωήν, ἐνῷ ἡ Κομοτινὴ προοδεύει ταχέως καὶ καθίσταται ἀληθὴς πόλις μὲ σχολὰς, λέσχας καὶ ὡραίας οἰκίας.

Ἡ Ἀλεξανδρούπολις ὀφείλουσα τὴν ὕπαρξίν της εἰς τὴν σιδηροδρομικὴν γραμμὴν καὶ κυρίως εἰς τὸν λιμένα αὐτῆς, ὅστις εἶναι τὸ ἐξαγωγικὸν κέντρον τῆς Ἀνατολικῆς Θράκης, ἀπέκτησε κατὰ τὰ τελευταῖα ἔτη σημαντικὴν ἀνάπτυξιν. Αἱ προσπάθειαι τῶν κατοίκων, αἱ ἐργασίαι τοῦ λιμένος καὶ ἡ ἐμπορικὴ κίνησις ἔδωσαν εἰς τὴν πόλιν νέαν ζωήν, ἐνῷ ἡ Κομοτινὴ προοδεύει ταχέως καὶ καθίσταται ἀληθὴς πόλις μὲ σχολὰς, λέσχας καὶ ὡραίας οἰκίας.

Ἡ Ἀλεξανδρούπολις ὀφείλουσα τὴν ὕπαρξίν της εἰς τὴν σιδηροδρομικὴν γραμμὴν καὶ κυρίως εἰς τὸν λιμένα αὐτῆς, ὅστις εἶναι τὸ ἐξαγωγικὸν κέντρον τῆς Ἀνατολικῆς Θράκης, ἀπέκτησε κατὰ τὰ τελευταῖα ἔτη σημαντικὴν ἀνάπτυξιν. Αἱ προσπάθειαι τῶν κατοίκων, αἱ ἐργασίαι τοῦ λιμένος καὶ ἡ ἐμπορικὴ κίνησις ἔδωσαν εἰς τὴν πόλιν νέαν ζωήν, ἐνῷ ἡ Κομοτινὴ προοδεύει ταχέως καὶ καθίσταται ἀληθὴς πόλις μὲ σχολὰς, λέσχας καὶ ὡραίας οἰκίας.

Ἡ Ἀλεξανδρούπολις ὀφείλουσα τὴν ὕπαρξίν της εἰς τὴν σιδηροδρομικὴν γραμμὴν καὶ κυρίως εἰς τὸν λιμένα αὐτῆς, ὅστις εἶναι τὸ ἐξαγωγικὸν κέντρον τῆς Ἀνατολικῆς Θράκης, ἀπέκτησε κατὰ τὰ τελευταῖα ἔτη σημαντικὴν ἀνάπτυξιν. Αἱ προσπάθειαι τῶν κατοίκων, αἱ ἐργασίαι τοῦ λιμένος καὶ ἡ ἐμπορικὴ κίνησις ἔδωσαν εἰς τὴν πόλιν νέαν ζωήν, ἐνῷ ἡ Κομοτινὴ προοδεύει ταχέως καὶ καθίσταται ἀληθὴς πόλις μὲ σχολὰς, λέσχας καὶ ὡραίας οἰκίας.

ΕΙΣ ΤΗΝ ΚΥΡΙΑΝ ΚΑΙ ΕΥΣΕΒΙΑ

Ἡ Ἀλεξανδρούπολις ὀφείλουσα τὴν ὕπαρξίν της εἰς τὴν σιδηροδρομικὴν γραμμὴν καὶ κυρίως εἰς τὸν λιμένα αὐτῆς, ὅστις εἶναι τὸ ἐξαγωγικὸν κέντρον τῆς Ἀνατολικῆς Θράκης, ἀπέκτησε κατὰ τὰ τελευταῖα ἔτη σημαντικὴν ἀνάπτυξιν. Αἱ προσπάθειαι τῶν κατοίκων, αἱ ἐργασίαι τοῦ λιμένος καὶ ἡ ἐμπορικὴ κίνησις ἔδωσαν εἰς τὴν πόλιν νέαν ζωήν, ἐνῷ ἡ Κομοτινὴ προοδεύει ταχέως καὶ καθίσταται ἀληθὴς πόλις μὲ σχολὰς, λέσχας καὶ ὡραίας οἰκίας.

Διάλεξις

Ἡ Ἀλεξανδρούπολις ὀφείλουσα τὴν ὕπαρξίν της εἰς τὴν σιδηροδρομικὴν γραμμὴν καὶ κυρίως εἰς τὸν λιμένα αὐτῆς, ὅστις εἶναι τὸ ἐξαγωγικὸν κέντρον τῆς Ἀνατολικῆς Θράκης, ἀπέκτησε κατὰ τὰ τελευταῖα ἔτη σημαντικὴν ἀνάπτυξιν. Αἱ προσπάθειαι τῶν κατοίκων, αἱ ἐργασίαι τοῦ λιμένος καὶ ἡ ἐμπορικὴ κίνησις ἔδωσαν εἰς τὴν πόλιν νέαν ζωήν, ἐνῷ ἡ Κομοτινὴ προοδεύει ταχέως καὶ καθίσταται ἀληθὴς πόλις μὲ σχολὰς, λέσχας καὶ ὡραίας οἰκίας.

Πρόσκλησις

Ἡ Ἀλεξανδρούπολις ὀφείλουσα τὴν ὕπαρξίν της εἰς τὴν σιδηροδρομικὴν γραμμὴν καὶ κυρίως εἰς τὸν λιμένα αὐτῆς, ὅστις εἶναι τὸ ἐξαγωγικὸν κέντρον τῆς Ἀνατολικῆς Θράκης, ἀπέκτησε κατὰ τὰ τελευταῖα ἔτη σημαντικὴν ἀνάπτυξιν. Αἱ προσπάθειαι τῶν κατοίκων, αἱ ἐργασίαι τοῦ λιμένος καὶ ἡ ἐμπορικὴ κίνησις ἔδωσαν εἰς τὴν πόλιν νέαν ζωήν, ἐνῷ ἡ Κομοτινὴ προοδεύει ταχέως καὶ καθίσταται ἀληθὴς πόλις μὲ σχολὰς, λέσχας καὶ ὡραίας οἰκίας.

ΤΟ ΒΡΑΒΕΙΟΝ ΝΟΜΠΕΛ

Ἡ λαβοῦσα τὸ βραβεῖον τῆς φιλολογίας Ἰταλὶς συγγραφεὺς Γκράτσια Ντελέντα.

Γράμματα ἀπὸ τὸ Λονδῖνον
ΜΙΑ ΓΡΑΦΙΚΗ ΠΟΜΠΗ ΕΙΣ ΤΟ ΛΟΝΔΙΝΟΝ
ΜΕΓΑΛΟΠΡΕΠΗΣ ΕΓΚΑΤΑΣΤΑΣΙΣ ΤΟΥ ΛΟΡΔΟΥ ΔΗΜΑΡΧΟΥ

Ἡ Ἀλεξανδρούπολις ὀφείλουσα τὴν ὕπαρξίν της εἰς τὴν σιδηροδρομικὴν γραμμὴν καὶ κυρίως εἰς τὸν λιμένα αὐτῆς, ὅστις εἶναι τὸ ἐξαγωγικὸν κέντρον τῆς Ἀνατολικῆς Θράκης, ἀπέκτησε κατὰ τὰ τελευταῖα ἔτη σημαντικὴν ἀνάπτυξιν. Αἱ προσπάθειαι τῶν κατοίκων, αἱ ἐργασίαι τοῦ λιμένος καὶ ἡ ἐμπορικὴ κίνησις ἔδωσαν εἰς τὴν πόλιν νέαν ζωήν, ἐνῷ ἡ Κομοτινὴ προοδεύει ταχέως καὶ καθίσταται ἀληθὴς πόλις μὲ σχολὰς, λέσχας καὶ ὡραίας οἰκίας.

Ἡ Ἀλεξανδρούπολις ὀφείλουσα τὴν ὕπαρξίν της εἰς τὴν σιδηροδρομικὴν γραμμὴν καὶ κυρίως εἰς τὸν λιμένα αὐτῆς, ὅστις εἶναι τὸ ἐξαγωγικὸν κέντρον τῆς Ἀνατολικῆς Θράκης, ἀπέκτησε κατὰ τὰ τελευταῖα ἔτη σημαντικὴν ἀνάπτυξιν. Αἱ προσπάθειαι τῶν κατοίκων, αἱ ἐργασίαι τοῦ λιμένος καὶ ἡ ἐμπορικὴ κίνησις ἔδωσαν εἰς τὴν πόλιν νέαν ζωήν, ἐνῷ ἡ Κομοτινὴ προοδεύει ταχέως καὶ καθίσταται ἀληθὴς πόλις μὲ σχολὰς, λέσχας καὶ ὡραίας οἰκίας.

Ἡ Ἀλεξανδρούπολις ὀφείλουσα τὴν ὕπαρξίν της εἰς τὴν σιδηροδρομικὴν γραμμὴν καὶ κυρίως εἰς τὸν λιμένα αὐτῆς, ὅστις εἶναι τὸ ἐξαγωγικὸν κέντρον τῆς Ἀνατολικῆς Θράκης, ἀπέκτησε κατὰ τὰ τελευταῖα ἔτη σημαντικὴν ἀνάπτυξιν. Αἱ προσπάθειαι τῶν κατοίκων, αἱ ἐργασίαι τοῦ λιμένος καὶ ἡ ἐμπορικὴ κίνησις ἔδωσαν εἰς τὴν πόλιν νέαν ζωήν, ἐνῷ ἡ Κομοτινὴ προοδεύει ταχέως καὶ καθίσταται ἀληθὴς πόλις μὲ σχολὰς, λέσχας καὶ ὡραίας οἰκίας.

Ἡ Ἀλεξανδρούπολις ὀφείλουσα τὴν ὕπαρξίν της εἰς τὴν σιδηροδρομικὴν γραμμὴν καὶ κυρίως εἰς τὸν λιμένα αὐτῆς, ὅστις εἶναι τὸ ἐξαγωγικὸν κέντρον τῆς Ἀνατολικῆς Θράκης, ἀπέκτησε κατὰ τὰ τελευταῖα ἔτη σημαντικὴν ἀνάπτυξιν. Αἱ προσπάθειαι τῶν κατοίκων, αἱ ἐργασίαι τοῦ λιμένος καὶ ἡ ἐμπορικὴ κίνησις ἔδωσαν εἰς τὴν πόλιν νέαν ζωήν, ἐνῷ ἡ Κομοτινὴ προοδεύει ταχέως καὶ καθίσταται ἀληθὴς πόλις μὲ σχολὰς, λέσχας καὶ ὡραίας οἰκίας.

Ἡ Ἀλεξανδρούπολις ὀφείλουσα τὴν ὕπαρξίν της εἰς τὴν σιδηροδρομικὴν γραμμὴν καὶ κυρίως εἰς τὸν λιμένα αὐτῆς, ὅστις εἶναι τὸ ἐξαγωγικὸν κέντρον τῆς Ἀνατολικῆς Θράκης, ἀπέκτησε κατὰ τὰ τελευταῖα ἔτη σημαντικὴν ἀνάπτυξιν. Αἱ προσπάθειαι τῶν κατοίκων, αἱ ἐργασίαι τοῦ λιμένος καὶ ἡ ἐμπορικὴ κίνησις ἔδωσαν εἰς τὴν πόλιν νέαν ζωήν, ἐνῷ ἡ Κομοτινὴ προοδεύει ταχέως καὶ καθίσταται ἀληθὴς πόλις μὲ σχολὰς, λέσχας καὶ ὡραίας οἰκίας.

Τιμαὶ εἰς τὸν ἀυθρωπον

Ἡ Ἀλεξανδρούπολις ὀφείλουσα τὴν ὕπαρξίν της εἰς τὴν σιδηροδρομικὴν γραμμὴν καὶ κυρίως εἰς τὸν λιμένα αὐτῆς, ὅστις εἶναι τὸ ἐξαγωγικὸν κέντρον τῆς Ἀνατολικῆς Θράκης, ἀπέκτησε κατὰ τὰ τελευταῖα ἔτη σημαντικὴν ἀνάπτυξιν. Αἱ προσπάθειαι τῶν κατοίκων, αἱ ἐργασίαι τοῦ λιμένος καὶ ἡ ἐμπορικὴ κίνησις ἔδωσαν εἰς τὴν πόλιν νέαν ζωήν, ἐνῷ ἡ Κομοτινὴ προοδεύει ταχέως καὶ καθίσταται ἀληθὴς πόλις μὲ σχολὰς, λέσχας καὶ ὡραίας οἰκίας.

Ἡ Ἀλεξανδρούπολις ὀφείλουσα τὴν ὕπαρξίν της εἰς τὴν σιδηροδρομικὴν γραμμὴν καὶ κυρίως εἰς τὸν λιμένα αὐτῆς, ὅστις εἶναι τὸ ἐξαγωγικὸν κέντρον τῆς Ἀνατολικῆς Θράκης, ἀπέκτησε κατὰ τὰ τελευταῖα ἔτη σημαντικὴν ἀνάπτυξιν. Αἱ προσπάθειαι τῶν κατοίκων, αἱ ἐργασίαι τοῦ λιμένος καὶ ἡ ἐμπορικὴ κίνησις ἔδωσαν εἰς τὴν πόλιν νέαν ζωήν, ἐνῷ ἡ Κομοτινὴ προοδεύει ταχέως καὶ καθίσταται ἀληθὴς πόλις μὲ σχολὰς, λέσχας καὶ ὡραίας οἰκίας.

Ἡ Ἀλεξανδρούπολις ὀφείλουσα τὴν ὕπαρξίν της εἰς τὴν σιδηροδρομικὴν γραμμὴν καὶ κυρίως εἰς τὸν λιμένα αὐτῆς, ὅστις εἶναι τὸ ἐξαγωγικὸν κέντρον τῆς Ἀνατολικῆς Θράκης, ἀπέκτησε κατὰ τὰ τελευταῖα ἔτη σημαντικὴν ἀνάπτυξιν. Αἱ προσπάθειαι τῶν κατοίκων, αἱ ἐργασίαι τοῦ λιμένος καὶ ἡ ἐμπορικὴ κίνησις ἔδωσαν εἰς τὴν πόλιν νέαν ζωήν, ἐνῷ ἡ Κομοτινὴ προοδεύει ταχέως καὶ καθίσταται ἀληθὴς πόλις μὲ σχολὰς, λέσχας καὶ ὡραίας οἰκίας.

ΠΑΓΚΟΣΜΙΟΝ ΡΕΠΟΡΤΑΖ

Ἡ Ἀλεξανδρούπολις ὀφείλουσα τὴν ὕπαρξίν της εἰς τὴν σιδηροδρομικὴν γραμμὴν καὶ κυρίως εἰς τὸν λιμένα αὐτῆς, ὅστις εἶναι τὸ ἐξαγωγικὸν κέντρον τῆς Ἀνατολικῆς Θράκης, ἀπέκτησε κατὰ τὰ τελευταῖα ἔτη σημαντικὴν ἀνάπτυξιν. Αἱ προσπάθειαι τῶν κατοίκων, αἱ ἐργασίαι τοῦ λιμένος καὶ ἡ ἐμπορικὴ κίνησις ἔδωσαν εἰς τὴν πόλιν νέαν ζωήν, ἐνῷ ἡ Κομοτινὴ προοδεύει ταχέως καὶ καθίσταται ἀληθὴς πόλις μὲ σχολὰς, λέσχας καὶ ὡραίας οἰκίας.

Ἡ Ἀλεξανδρούπολις ὀφείλουσα τὴν ὕπαρξίν της εἰς τὴν σιδηροδρομικὴν γραμμὴν καὶ κυρίως εἰς τὸν λιμένα αὐτῆς, ὅστις εἶναι τὸ ἐξαγωγικὸν κέντρον τῆς Ἀνατολικῆς Θράκης, ἀπέκτησε κατὰ τὰ τελευταῖα ἔτη σημαντικὴν ἀνάπτυξιν. Αἱ προσπάθειαι τῶν κατοίκων, αἱ ἐργασίαι τοῦ λιμένος καὶ ἡ ἐμπορικὴ κίνησις ἔδωσαν εἰς τὴν πόλιν νέαν ζωήν, ἐνῷ ἡ Κομοτινὴ προοδεύει ταχέως καὶ καθίσταται ἀληθὴς πόλις μὲ σχολὰς, λέσχας καὶ ὡραίας οἰκίας.

Ἡ Ἀλεξανδρούπολις ὀφείλουσα τὴν ὕπαρξίν της εἰς τὴν σιδηροδρομικὴν γραμμὴν καὶ κυρίως εἰς τὸν λιμένα αὐτῆς, ὅστις εἶναι τὸ ἐξαγωγικὸν κέντρον τῆς Ἀνατολικῆς Θράκης, ἀπέκτησε κατὰ τὰ τελευταῖα ἔτη σημαντικὴν ἀνάπτυξιν. Αἱ προσπάθειαι τῶν κατοίκων, αἱ ἐργασίαι τοῦ λιμένος καὶ ἡ ἐμπορικὴ κίνησις ἔδωσαν εἰς τὴν πόλιν νέαν ζωήν, ἐνῷ ἡ Κομοτινὴ προοδεύει ταχέως καὶ καθίσταται ἀληθὴς πόλις μὲ σχολὰς, λέσχας καὶ ὡραίας οἰκίας.

Ἡ Ἀλεξανδρούπολις ὀφείλουσα τὴν ὕπαρξίν της εἰς τὴν σιδηροδρομικὴν γραμμὴν καὶ κυρίως εἰς τὸν λιμένα αὐτῆς, ὅστις εἶναι τὸ ἐξαγωγικὸν κέντρον τῆς Ἀνατολικῆς Θράκης, ἀπέκτησε κατὰ τὰ τελευταῖα ἔτη σημαντικὴν ἀνάπτυξιν. Αἱ προσπάθειαι τῶν κατοίκων, αἱ ἐργασίαι τοῦ λιμένος καὶ ἡ ἐμπορικὴ κίνησις ἔδωσαν εἰς τὴν πόλιν νέαν ζωήν, ἐνῷ ἡ Κομοτινὴ προοδεύει ταχέως καὶ καθίσταται ἀληθὴς πόλις μὲ σχολὰς, λέσχας καὶ ὡραίας οἰκίας.

Ἡ Ἀλεξανδρούπολις ὀφείλουσα τὴν ὕπαρξίν της εἰς τὴν σιδηροδρομικὴν γραμμὴν καὶ κυρίως εἰς τὸν λιμένα αὐτῆς, ὅστις εἶναι τὸ ἐξαγωγικὸν κέντρον τῆς Ἀνατολικῆς Θράκης, ἀπέκτησε κατὰ τὰ τελευταῖα ἔτη σημαντικὴν ἀνάπτυξιν. Αἱ προσπάθειαι τῶν κατοίκων, αἱ ἐργασίαι τοῦ λιμένος καὶ ἡ ἐμπορικὴ κίνησις ἔδωσαν εἰς τὴν πόλιν νέαν ζωήν, ἐνῷ ἡ Κομοτινὴ προοδεύει ταχέως καὶ καθίσταται ἀληθὴς πόλις μὲ σχολὰς, λέσχας καὶ ὡραίας οἰκίας.

Ἡ Ἀλεξανδρούπολις ὀφείλουσα τὴν ὕπαρξίν της εἰς τὴν σιδηροδρομικὴν γραμμὴν καὶ κυρίως εἰς τὸν λιμένα αὐτῆς, ὅστις εἶναι τὸ ἐξαγωγικὸν κέντρον τῆς Ἀνατολικῆς Θράκης, ἀπέκτησε κατὰ τὰ τελευταῖα ἔτη σημαντικὴν ἀνάπτυξιν. Αἱ προσπάθειαι τῶν κατοίκων, αἱ ἐργασίαι τοῦ λιμένος καὶ ἡ ἐμπορικὴ κίνησις ἔδωσαν εἰς τὴν πόλιν νέαν ζωήν, ἐνῷ ἡ Κομοτινὴ προοδεύει ταχέως καὶ καθίσταται ἀληθὴς πόλις μὲ σχολὰς, λέσχας καὶ ὡραίας οἰκίας.

Ἡ Ἀλεξανδρούπολις ὀφείλουσα τὴν ὕπαρξίν της εἰς τὴν σιδηροδρομικὴν γραμμὴν καὶ κυρίως εἰς τὸν λιμένα αὐτῆς, ὅστις εἶναι τὸ ἐξαγωγικὸν κέντρον τῆς Ἀνατολικῆς Θράκης, ἀπέκτησε κατὰ τὰ τελευταῖα ἔτη σημαντικὴν ἀνάπτυξιν. Αἱ προσπάθειαι τῶν κατοίκων, αἱ ἐργασίαι τοῦ λιμένος καὶ ἡ ἐμπορικὴ κίνησις ἔδωσαν εἰς τὴν πόλιν νέαν ζωήν, ἐνῷ ἡ Κομοτινὴ προοδεύει ταχέως καὶ καθίσταται ἀληθὴς πόλις μὲ σχολὰς, λέσχας καὶ ὡραίας οἰκίας.

ΣΤΑΛΑΚΤΙΤΑΙ

Ἡ Ἀλεξανδρούπολις ὀφείλουσα τὴν ὕπαρξίν της εἰς τὴν σιδηροδρομικὴν γραμμὴν καὶ κυρίως εἰς τὸν λιμένα αὐτῆς, ὅστις εἶναι τὸ ἐξαγωγικὸν κέντρον τῆς Ἀνατολικῆς Θράκης, ἀπέκτησε κατὰ τὰ τελευταῖα ἔτη σημαντικὴν ἀνάπτυξιν. Αἱ προσπάθειαι τῶν κατοίκων, αἱ ἐργασίαι τοῦ λιμένος καὶ ἡ ἐμπορικὴ κίνησις ἔδωσαν εἰς τὴν πόλιν νέαν ζωήν, ἐνῷ ἡ Κομοτινὴ προοδεύει ταχέως καὶ καθίσταται ἀληθὴς πόλις μὲ σχολὰς, λέσχας καὶ ὡραίας οἰκίας.

ΤΟ ΑΝΕΚΔΟΤΟΝ ΜΑΣ

Ἡ Ἀλεξανδρούπολις ὀφείλουσα τὴν ὕπαρξίν της εἰς τὴν σιδηροδρομικὴν γραμμὴν καὶ κυρίως εἰς τὸν λιμένα αὐτῆς, ὅστις εἶναι τὸ ἐξαγωγικὸν κέντρον τῆς Ἀνατολικῆς Θράκης, ἀπέκτησε κατὰ τὰ τελευταῖα ἔτη σημαντικὴν ἀνάπτυξιν. Αἱ προσπάθειαι τῶν κατοίκων, αἱ ἐργασίαι τοῦ λιμένος καὶ ἡ ἐμπορικὴ κίνησις ἔδωσαν εἰς τὴν πόλιν νέαν ζωήν, ἐνῷ ἡ Κομοτινὴ προοδεύει ταχέως καὶ καθίσταται ἀληθὴς πόλις μὲ σχολὰς, λέσχας καὶ ὡραίας οἰκίας.

Ἐκδόσεις

Ἡ Ἀλεξανδρούπολις ὀφείλουσα τὴν ὕπαρξίν της εἰς τὴν σιδηροδρομικὴν γραμμὴν καὶ κυρίως εἰς τὸν λιμένα αὐτῆς, ὅστις εἶναι τὸ ἐξαγωγικὸν κέντρον τῆς Ἀνατολικῆς Θράκης, ἀπέκτησε κατὰ τὰ τελευταῖα ἔτη σημαντικὴν ἀνάπτυξιν. Αἱ προσπάθειαι τῶν κατοίκων, αἱ ἐργασίαι τοῦ λιμένος καὶ ἡ ἐμπορικὴ κίνησις ἔδωσαν εἰς τὴν πόλιν νέαν ζωήν, ἐνῷ ἡ Κομοτινὴ προοδεύει ταχέως καὶ καθίσταται ἀληθὴς πόλις μὲ σχολὰς, λέσχας καὶ ὡραίας οἰκίας.

Ἡ Ἀλεξανδρούπολις ὀφείλουσα τὴν ὕπαρξίν της εἰς τὴν σιδηροδρομικὴν γραμμὴν καὶ κυρίως εἰς τὸν λιμένα αὐτῆς, ὅστις εἶναι τὸ ἐξαγωγικὸν κέντρον τῆς Ἀνατολικῆς Θράκης, ἀπέκτησε κατὰ τὰ τελευταῖα ἔτη σημαντικὴν ἀνάπτυξιν. Αἱ προσπάθειαι τῶν κατοίκων, αἱ ἐργασίαι τοῦ λιμένος καὶ ἡ ἐμπορικὴ κίνησις ἔδωσαν εἰς τὴν πόλιν νέαν ζωήν, ἐνῷ ἡ Κομοτινὴ προοδεύει ταχέως καὶ καθίσταται ἀληθὴς πόλις μὲ σχολὰς, λέσχας καὶ ὡραίας οἰκίας.

ΘΕΑΤΡΙΚΑ

Ἡ Ἀλεξανδρούπολις ὀφείλουσα τὴν ὕπαρξίν της εἰς τὴν σιδηροδρομικὴν γραμμὴν καὶ κυρίως εἰς τὸν λιμένα αὐτῆς, ὅστις εἶναι τὸ ἐξαγωγικὸν κέντρον τῆς Ἀνατολικῆς Θράκης, ἀπέκτησε κατὰ τὰ τελευταῖα ἔτη σημαντικὴν ἀνάπτυξιν. Αἱ προσπάθειαι τῶν κατοίκων, αἱ ἐργασίαι τοῦ λιμένος καὶ ἡ ἐμπορικὴ κίνησις ἔδωσαν εἰς τὴν πόλιν νέαν ζωήν, ἐνῷ ἡ Κομοτινὴ προοδεύει ταχέως καὶ καθίσταται ἀληθὴς πόλις μὲ σχολὰς, λέσχας καὶ ὡραίας οἰκίας.

ΤΑ ΞΕΥΠΝΑ ΚΑΙ ΤΑ ΚΟΥΤΑ

Ἡ Ἀλεξανδρούπολις ὀφείλουσα τὴν ὕπαρξίν της εἰς τὴν σιδηροδρομικὴν γραμμὴν καὶ κυρίως εἰς τὸν λιμένα αὐτῆς, ὅστις εἶναι τὸ ἐξαγωγικὸν κέντρον τῆς Ἀνατολικῆς Θράκης, ἀπέκτησε κατὰ τὰ τελευταῖα ἔτη σημαντικὴν ἀνάπτυξιν. Αἱ προσπάθειαι τῶν κατοίκων, αἱ ἐργασίαι τοῦ λιμένος καὶ ἡ ἐμπορικὴ κίνησις ἔδωσαν εἰς τὴν πόλιν νέαν ζωήν, ἐνῷ ἡ Κομοτινὴ προοδεύει ταχέως καὶ καθίσταται ἀληθὴς πόλις μὲ σχολὰς, λέσχας καὶ ὡραίας οἰκίας.

Ἡ Ἀλεξανδρούπολις ὀφείλουσα τὴν ὕπαρξίν της εἰς τὴν σιδηροδρομικὴν γραμμὴν καὶ κυρίως εἰς τὸν λιμένα αὐτῆς, ὅστις εἶναι τὸ ἐξαγωγικὸν κέντρον τῆς Ἀνατολικῆς Θράκης, ἀπέκτησε κατὰ τὰ τελευταῖα ἔτη σημαντικὴν ἀνάπτυξιν. Αἱ προσπάθειαι τῶν κατοίκων, αἱ ἐργασίαι τοῦ λιμένος καὶ ἡ ἐμπορικὴ κίνησις ἔδωσαν εἰς τὴν πόλιν νέαν ζωήν, ἐνῷ ἡ Κομοτινὴ προοδεύει ταχέως καὶ καθίσταται ἀληθὴς πόλις μὲ σχολὰς, λέσχας καὶ ὡραίας οἰκίας.

ΟΙΚΟΝΟΜΙΚΗ ΚΙΝΗΣΙΣ
Χρεώγραφα

Ἡ Ἀλεξανδρούπολις ὀφείλουσα τὴν ὕπαρξίν της εἰς τὴν σιδηροδρομικὴν γραμμὴν καὶ κυρίως εἰς τὸν λιμένα αὐτῆς, ὅστις εἶναι τὸ ἐξαγωγικὸν κέντρον τῆς Ἀνατολικῆς Θράκης, ἀπέκτησε κατὰ τὰ τελευταῖα ἔτη σημαντικὴν ἀνάπτυξιν. Αἱ προσπάθειαι τῶν κατοίκων, αἱ ἐργασίαι τοῦ λιμένος καὶ ἡ ἐμπορικὴ κίνησις ἔδωσαν εἰς τὴν πόλιν νέαν ζωήν, ἐνῷ ἡ Κομοτινὴ προοδεύει ταχέως καὶ καθίσταται ἀληθὴς πόλις μὲ σχολὰς, λέσχας καὶ ὡραίας οἰκίας.

—Συνάλλαγμα

Ἡ Ἀλεξανδρούπολις ὀφείλουσα τὴν ὕπαρξίν της εἰς τὴν σιδηροδρομικὴν γραμμὴν καὶ κυρίως εἰς τὸν λιμένα αὐτῆς, ὅστις εἶναι τὸ ἐξαγωγικὸν κέντρον τῆς Ἀνατολικῆς Θράκης, ἀπέκτησε κατὰ τὰ τελευταῖα ἔτη σημαντικὴν ἀνάπτυξιν. Αἱ προσπάθειαι τῶν κατοίκων, αἱ ἐργασίαι τοῦ λιμένος καὶ ἡ ἐμπορικὴ κίνησις ἔδωσαν εἰς τὴν πόλιν νέαν ζωήν, ἐνῷ ἡ Κομοτινὴ προοδεύει ταχέως καὶ καθίσταται ἀληθὴς πόλις μὲ σχολὰς, λέσχας καὶ ὡραίας οἰκίας.

ΔΕΛΤΙΟΝ ΣΥΝΑΛΛΑΓΜΑΤΟΣ
Κλεῖσιμον 19 Νοεμβρίου
ΣΥΝΑΛΛΑΓΜΑΤΑ ΕΙΣ ΔΡΑΧΜΑΣ	ΤΙΜΑΙ ΤΡΑΠΕΖΩΝ	
Λονδίνον	367.—	367.75
Παρίσιοι	2.9	2.97
Νέα Ὑόρκη	75.29	75.64
Ἰταλία	4.1	4.12
Ἑλβετία	14.51	14.55
Βέλγιον	10.45	10.50
Ὀλλανδία	30.35	30.50
Κων/πολις	39.45	39.50
Βερολῖνον	17.97	18.03
Αἴγυπτος	376.3	377.1
Βουλγαρία	54.—	54.15
Ρουμανία	46.1	46.50
Πράγα	2.23	2.24
Ἀθῆναι	1.52	1.54

Ἡ Ἀλεξανδρούπολις ὀφείλουσα τὴν ὕπαρξίν της εἰς τὴν σιδηροδρομικὴν γραμμὴν καὶ κυρίως εἰς τὸν λιμένα αὐτῆς, ὅστις εἶναι τὸ ἐξαγωγικὸν κέντρον τῆς Ἀνατολικῆς Θράκης, ἀπέκτησε κατὰ τὰ τελευταῖα ἔτη σημαντικὴν ἀνάπτυξιν. Αἱ προσπάθειαι τῶν κατοίκων, αἱ ἐργασίαι τοῦ λιμένος καὶ ἡ ἐμπορικὴ κίνησις ἔδωσαν εἰς τὴν πόλιν νέαν ζωήν, ἐνῷ ἡ Κομοτινὴ προοδεύει ταχέως καὶ καθίσταται ἀληθὴς πόλις μὲ σχολὰς, λέσχας καὶ ὡραίας οἰκίας.

ΧΡΗΜΑΤΙΣΤΗΡΙΑΚΑ ΔΕΛΤΙΑ
Κλεῖσιμον 19 Νοεμβρίου
ΤΙΜΑΙ ΕΛΛΗΝΙΚΩΝ ΔΑΝΕΙΩΝ
ΕΙΣ ΤΟ ΧΡΗΜΑΤΙΣΤΗΡΙΟΝ ΤΟΥ ΛΟΝΔΙΝΟΥ
ΘΕΑΤΡΑ
(Ἀπογευματιναὶ - Ἑσπεριναὶ)

Ἡ Ἀλεξανδρούπολις ὀφείλουσα τὴν ὕπαρξίν της εἰς τὴν σιδηροδρομικὴν γραμμὴν καὶ κυρίως εἰς τὸν λιμένα αὐτῆς, ὅστις εἶναι τὸ ἐξαγωγικὸν κέντρον τῆς Ἀνατολικῆς Θράκης, ἀπέκτησε κατὰ τὰ τελευταῖα ἔτη σημαντικὴν ἀνάπτυξιν. Αἱ προσπάθειαι τῶν κατοίκων, αἱ ἐργασίαι τοῦ λιμένος καὶ ἡ ἐμπορικὴ κίνησις ἔδωσαν εἰς τὴν πόλιν νέαν ζωήν, ἐνῷ ἡ Κομοτινὴ προοδεύει ταχέως καὶ καθίσταται ἀληθὴς πόλις μὲ σχολὰς, λέσχας καὶ ὡραίας οἰκίας.
